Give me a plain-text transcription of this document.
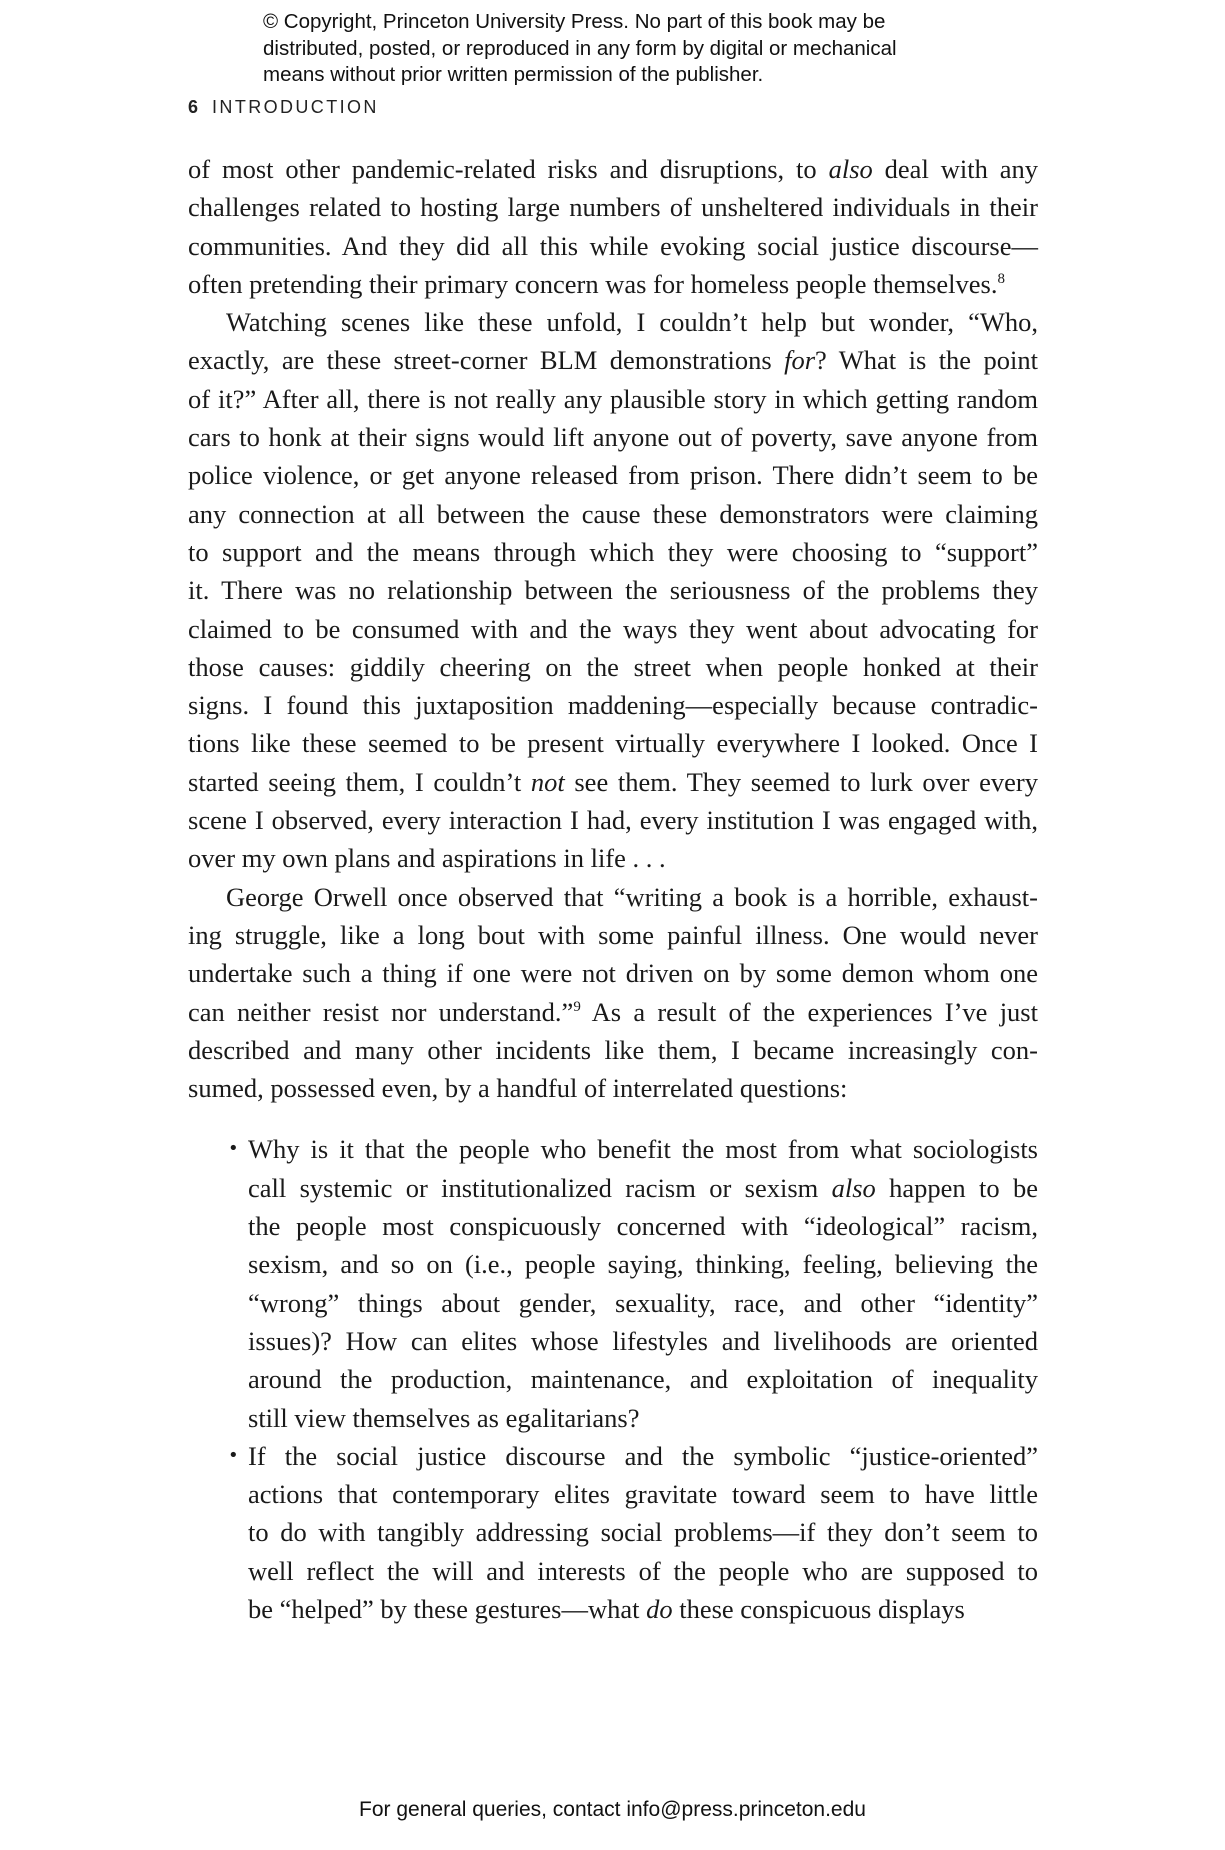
© Copyright, Princeton University Press. No part of this book may be
distributed, posted, or reproduced in any form by digital or mechanical
means without prior written permission of the publisher.
6 INTRODUCTION
of most other pandemic-related risks and disruptions, to also deal with any
challenges related to hosting large numbers of unsheltered individuals in their
communities. And they did all this while evoking social justice discourse—
often pretending their primary concern was for homeless people themselves.$^8$
Watching scenes like these unfold, I couldn’t help but wonder, “Who,
exactly, are these street-corner BLM demonstrations for? What is the point
of it?” After all, there is not really any plausible story in which getting random
cars to honk at their signs would lift anyone out of poverty, save anyone from
police violence, or get anyone released from prison. There didn’t seem to be
any connection at all between the cause these demonstrators were claiming
to support and the means through which they were choosing to “support”
it. There was no relationship between the seriousness of the problems they
claimed to be consumed with and the ways they went about advocating for
those causes: giddily cheering on the street when people honked at their
signs. I found this juxtaposition maddening—especially because contradic-
tions like these seemed to be present virtually everywhere I looked. Once I
started seeing them, I couldn’t not see them. They seemed to lurk over every
scene I observed, every interaction I had, every institution I was engaged with,
over my own plans and aspirations in life . . .
George Orwell once observed that “writing a book is a horrible, exhaust-
ing struggle, like a long bout with some painful illness. One would never
undertake such a thing if one were not driven on by some demon whom one
can neither resist nor understand.”$^9$ As a result of the experiences I’ve just
described and many other incidents like them, I became increasingly con-
sumed, possessed even, by a handful of interrelated questions:
• Why is it that the people who benefit the most from what sociologists
call systemic or institutionalized racism or sexism also happen to be
the people most conspicuously concerned with “ideological” racism,
sexism, and so on (i.e., people saying, thinking, feeling, believing the
“wrong” things about gender, sexuality, race, and other “identity”
issues)? How can elites whose lifestyles and livelihoods are oriented
around the production, maintenance, and exploitation of inequality
still view themselves as egalitarians?
• If the social justice discourse and the symbolic “justice-oriented”
actions that contemporary elites gravitate toward seem to have little
to do with tangibly addressing social problems—if they don’t seem to
well reflect the will and interests of the people who are supposed to
be “helped” by these gestures—what do these conspicuous displays
For general queries, contact info@press.princeton.edu
